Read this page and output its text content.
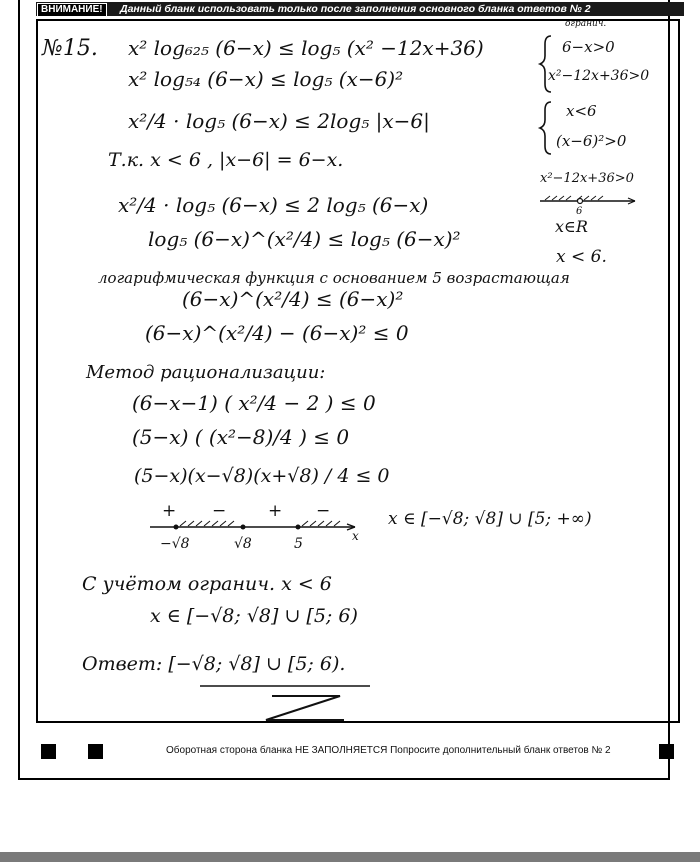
ВНИМАНИЕ!	Данный бланк использовать только после заполнения основного бланка ответов № 2
№15. x² log₆₂₅ (6−x) ≤ log₅ (x² −12x+36)
x² log₅₄ (6−x) ≤ log₅ (x−6)²
x²/4 · log₅ (6−x) ≤ 2log₅ |x−6|
Т.к. x < 6 , |x−6| = 6−x.
x²/4 · log₅ (6−x) ≤ 2 log₅ (6−x)
log₅ (6−x)^(x²/4) ≤ log₅ (6−x)²
логарифмическая функция с основанием 5 возрастающая
(6−x)^(x²/4) ≤ (6−x)²
(6−x)^(x²/4) − (6−x)² ≤ 0
Метод рационализации:
(6−x−1) ( x²/4 − 2 ) ≤ 0
(5−x) ( (x²−8)/4 ) ≤ 0
(5−x)(x−√8)(x+√8) / 4 ≤ 0
+ − + −
−√8	√8	5	x
x ∈ [−√8; √8] ∪ [5; +∞)
С учётом огранич. x < 6
x ∈ [−√8; √8] ∪ [5; 6)
Ответ: [−√8; √8] ∪ [5; 6).
огранич.
6−x>0
x²−12x+36>0
x<6
(x−6)²>0
x²−12x+36>0
6
x∈R
x < 6.
Оборотная сторона бланка НЕ ЗАПОЛНЯЕТСЯ Попросите дополнительный бланк ответов № 2
